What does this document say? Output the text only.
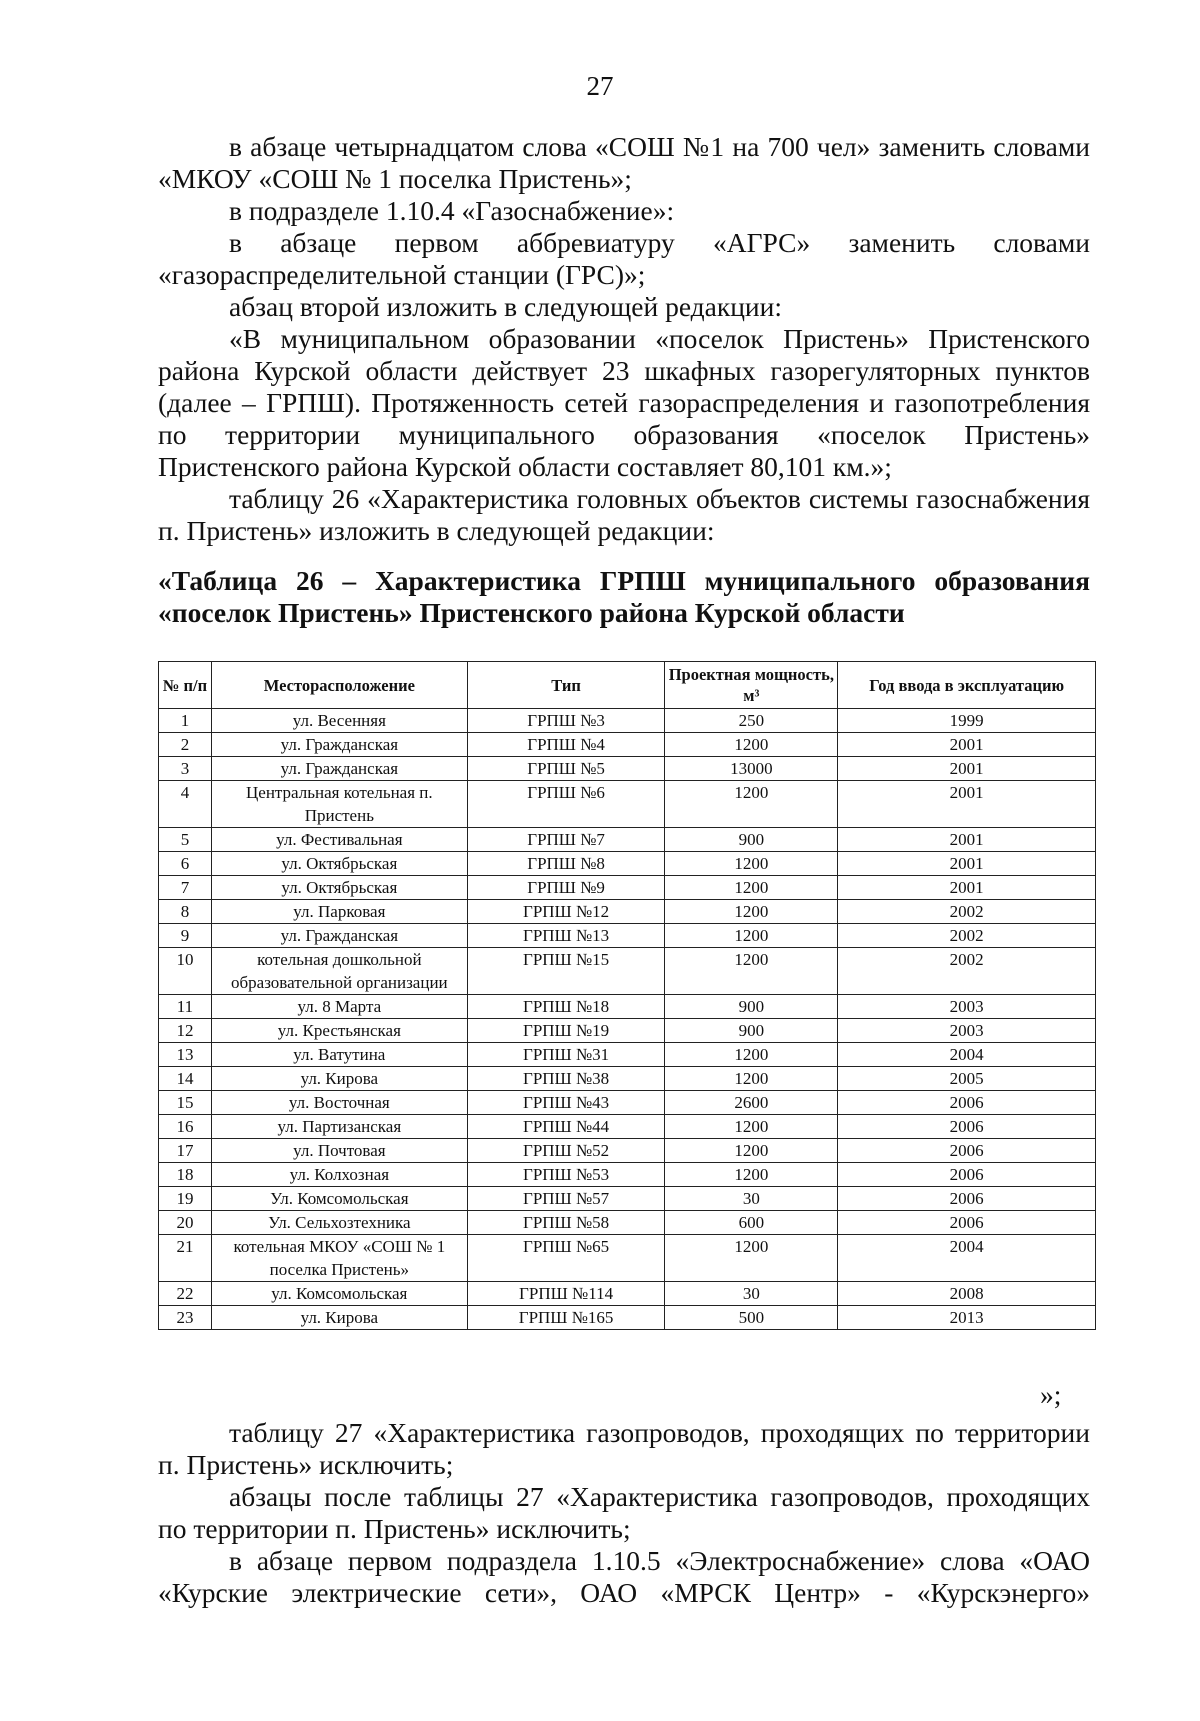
27

в абзаце четырнадцатом слова «СОШ №1 на 700 чел» заменить словами «МКОУ «СОШ № 1 поселка Пристень»;

в подразделе 1.10.4 «Газоснабжение»:

в абзаце первом аббревиатуру «АГРС» заменить словами «газораспределительной станции (ГРС)»;

абзац второй изложить в следующей редакции:

«В муниципальном образовании «поселок Пристень» Пристенского района Курской области действует 23 шкафных газорегуляторных пунктов (далее – ГРПШ). Протяженность сетей газораспределения и газопотребления по территории муниципального образования «поселок Пристень» Пристенского района Курской области составляет 80,101 км.»;

таблицу 26 «Характеристика головных объектов системы газоснабжения п. Пристень» изложить в следующей редакции:

«Таблица 26 – Характеристика ГРПШ муниципального образования
«поселок Пристень» Пристенского района Курской области
№ п/п	Месторасположение	Тип	Проектная мощность, м³	Год ввода в эксплуатацию
1	ул. Весенняя	ГРПШ №3	250	1999
2	ул. Гражданская	ГРПШ №4	1200	2001
3	ул. Гражданская	ГРПШ №5	13000	2001
4	Центральная котельная п. Пристень	ГРПШ №6	1200	2001
5	ул. Фестивальная	ГРПШ №7	900	2001
6	ул. Октябрьская	ГРПШ №8	1200	2001
7	ул. Октябрьская	ГРПШ №9	1200	2001
8	ул. Парковая	ГРПШ №12	1200	2002
9	ул. Гражданская	ГРПШ №13	1200	2002
10	котельная дошкольной образовательной организации	ГРПШ №15	1200	2002
11	ул. 8 Марта	ГРПШ №18	900	2003
12	ул. Крестьянская	ГРПШ №19	900	2003
13	ул. Ватутина	ГРПШ №31	1200	2004
14	ул. Кирова	ГРПШ №38	1200	2005
15	ул. Восточная	ГРПШ №43	2600	2006
16	ул. Партизанская	ГРПШ №44	1200	2006
17	ул. Почтовая	ГРПШ №52	1200	2006
18	ул. Колхозная	ГРПШ №53	1200	2006
19	Ул. Комсомольская	ГРПШ №57	30	2006
20	Ул. Сельхозтехника	ГРПШ №58	600	2006
21	котельная МКОУ «СОШ № 1 поселка Пристень»	ГРПШ №65	1200	2004
22	ул. Комсомольская	ГРПШ №114	30	2008
23	ул. Кирова	ГРПШ №165	500	2013
»;

таблицу 27 «Характеристика газопроводов, проходящих по территории п. Пристень» исключить;

абзацы после таблицы 27 «Характеристика газопроводов, проходящих по территории п. Пристень» исключить;

в абзаце первом подраздела 1.10.5 «Электроснабжение» слова «ОАО «Курские электрические сети», ОАО «МРСК Центр» - «Курскэнерго»
